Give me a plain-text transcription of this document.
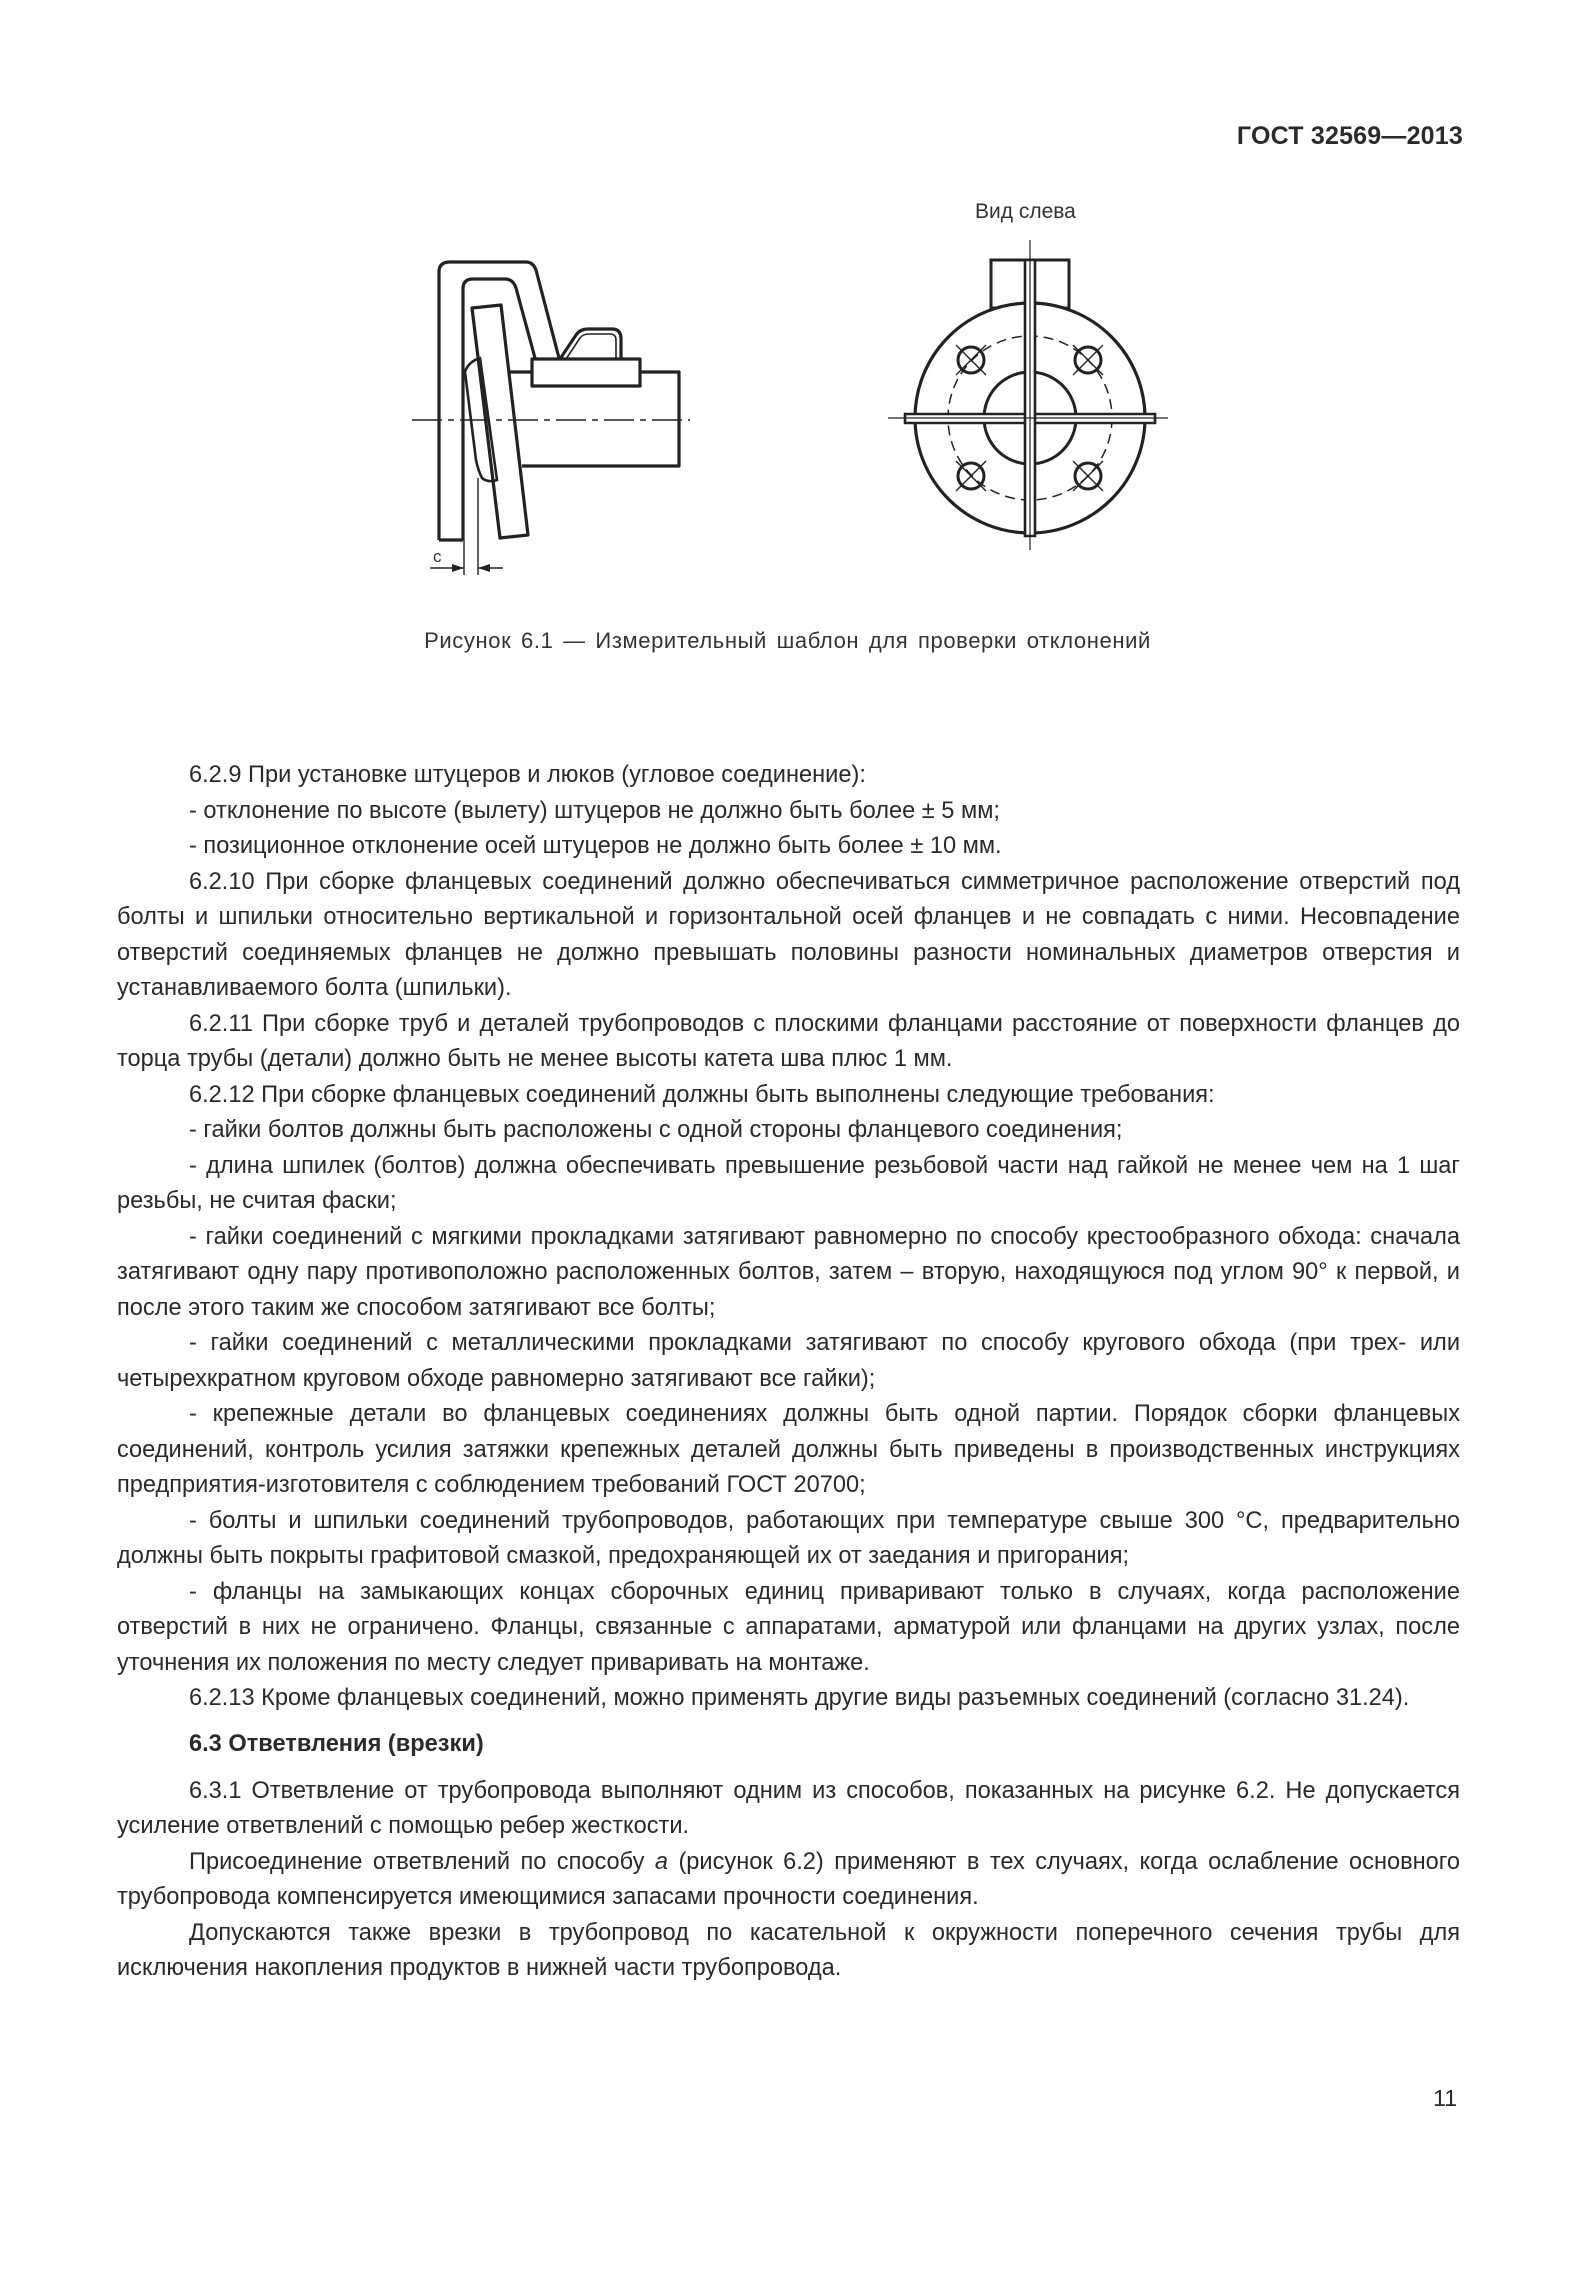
ГОСТ 32569—2013
с
Вид слева
Рисунок 6.1 — Измерительный шаблон для проверки отклонений

6.2.9 При установке штуцеров и люков (угловое соединение):

- отклонение по высоте (вылету) штуцеров не должно быть более ± 5 мм;

- позиционное отклонение осей штуцеров не должно быть более ± 10 мм.

6.2.10 При сборке фланцевых соединений должно обеспечиваться симметричное расположение отверстий под болты и шпильки относительно вертикальной и горизонтальной осей фланцев и не совпадать с ними. Несовпадение отверстий соединяемых фланцев не должно превышать половины разности номинальных диаметров отверстия и устанавливаемого болта (шпильки).

6.2.11 При сборке труб и деталей трубопроводов с плоскими фланцами расстояние от поверхности фланцев до торца трубы (детали) должно быть не менее высоты катета шва плюс 1 мм.

6.2.12 При сборке фланцевых соединений должны быть выполнены следующие требования:

- гайки болтов должны быть расположены с одной стороны фланцевого соединения;

- длина шпилек (болтов) должна обеспечивать превышение резьбовой части над гайкой не менее чем на 1 шаг резьбы, не считая фаски;

- гайки соединений с мягкими прокладками затягивают равномерно по способу крестообразного обхода: сначала затягивают одну пару противоположно расположенных болтов, затем – вторую, находящуюся под углом 90° к первой, и после этого таким же способом затягивают все болты;

- гайки соединений с металлическими прокладками затягивают по способу кругового обхода (при трех- или четырехкратном круговом обходе равномерно затягивают все гайки);

- крепежные детали во фланцевых соединениях должны быть одной партии. Порядок сборки фланцевых соединений, контроль усилия затяжки крепежных деталей должны быть приведены в производственных инструкциях предприятия-изготовителя с соблюдением требований ГОСТ 20700;

- болты и шпильки соединений трубопроводов, работающих при температуре свыше 300 °С, предварительно должны быть покрыты графитовой смазкой, предохраняющей их от заедания и пригорания;

- фланцы на замыкающих концах сборочных единиц приваривают только в случаях, когда расположение отверстий в них не ограничено. Фланцы, связанные с аппаратами, арматурой или фланцами на других узлах, после уточнения их положения по месту следует приваривать на монтаже.

6.2.13 Кроме фланцевых соединений, можно применять другие виды разъемных соединений (согласно 31.24).

6.3 Ответвления (врезки)

6.3.1 Ответвление от трубопровода выполняют одним из способов, показанных на рисунке 6.2. Не допускается усиление ответвлений с помощью ребер жесткости.

Присоединение ответвлений по способу а (рисунок 6.2) применяют в тех случаях, когда ослабление основного трубопровода компенсируется имеющимися запасами прочности соединения.

Допускаются также врезки в трубопровод по касательной к окружности поперечного сечения трубы для исключения накопления продуктов в нижней части трубопровода.

11
